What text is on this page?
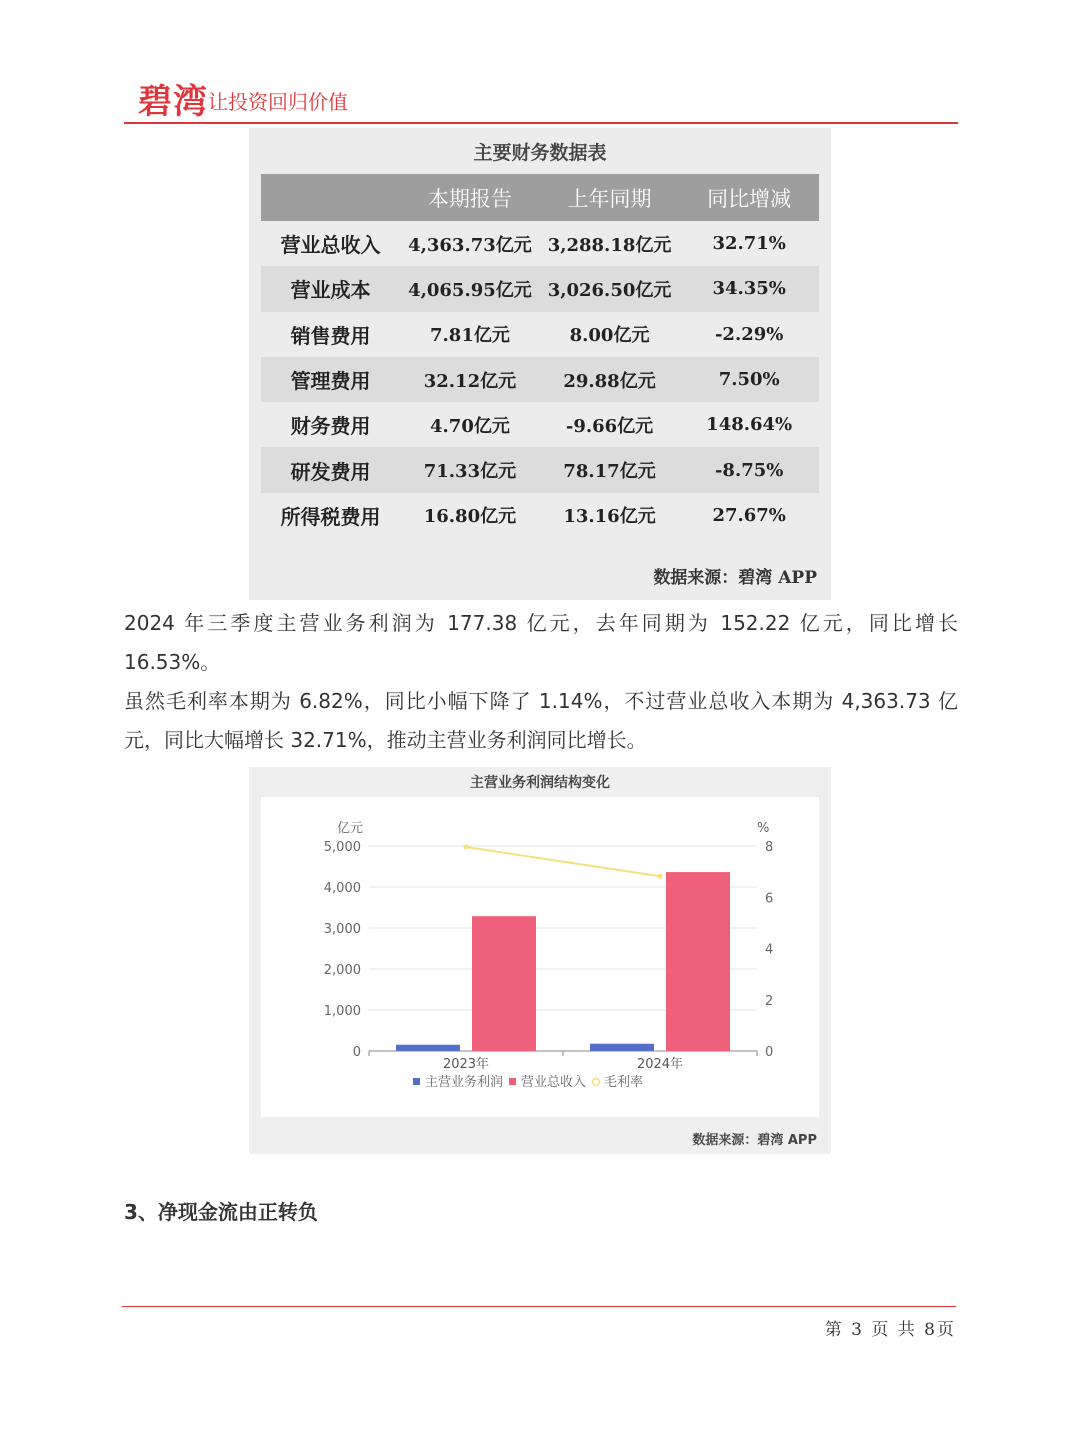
碧湾 让投资回归价值
主要财务数据表
	本期报告	上年同期	同比增减
营业总收入	4,363.73亿元	3,288.18亿元	32.71%
营业成本	4,065.95亿元	3,026.50亿元	34.35%
销售费用	7.81亿元	8.00亿元	-2.29%
管理费用	32.12亿元	29.88亿元	7.50%
财务费用	4.70亿元	-9.66亿元	148.64%
研发费用	71.33亿元	78.17亿元	-8.75%
所得税费用	16.80亿元	13.16亿元	27.67%
数据来源：碧湾 APP
2024 年三季度主营业务利润为 177.38 亿元，去年同期为 152.22 亿元，同比增长 16.53%。
虽然毛利率本期为 6.82%，同比小幅下降了 1.14%，不过营业总收入本期为 4,363.73 亿元，同比大幅增长 32.71%，推动主营业务利润同比增长。
主营业务利润结构变化
0
1,000
2,000
3,000
4,000
5,000
0
2
4
6
8
亿元	%
2023年	2024年
主营业务利润 营业总收入 毛利率
数据来源：碧湾 APP
3、净现金流由正转负
第 3 页 共 8页
